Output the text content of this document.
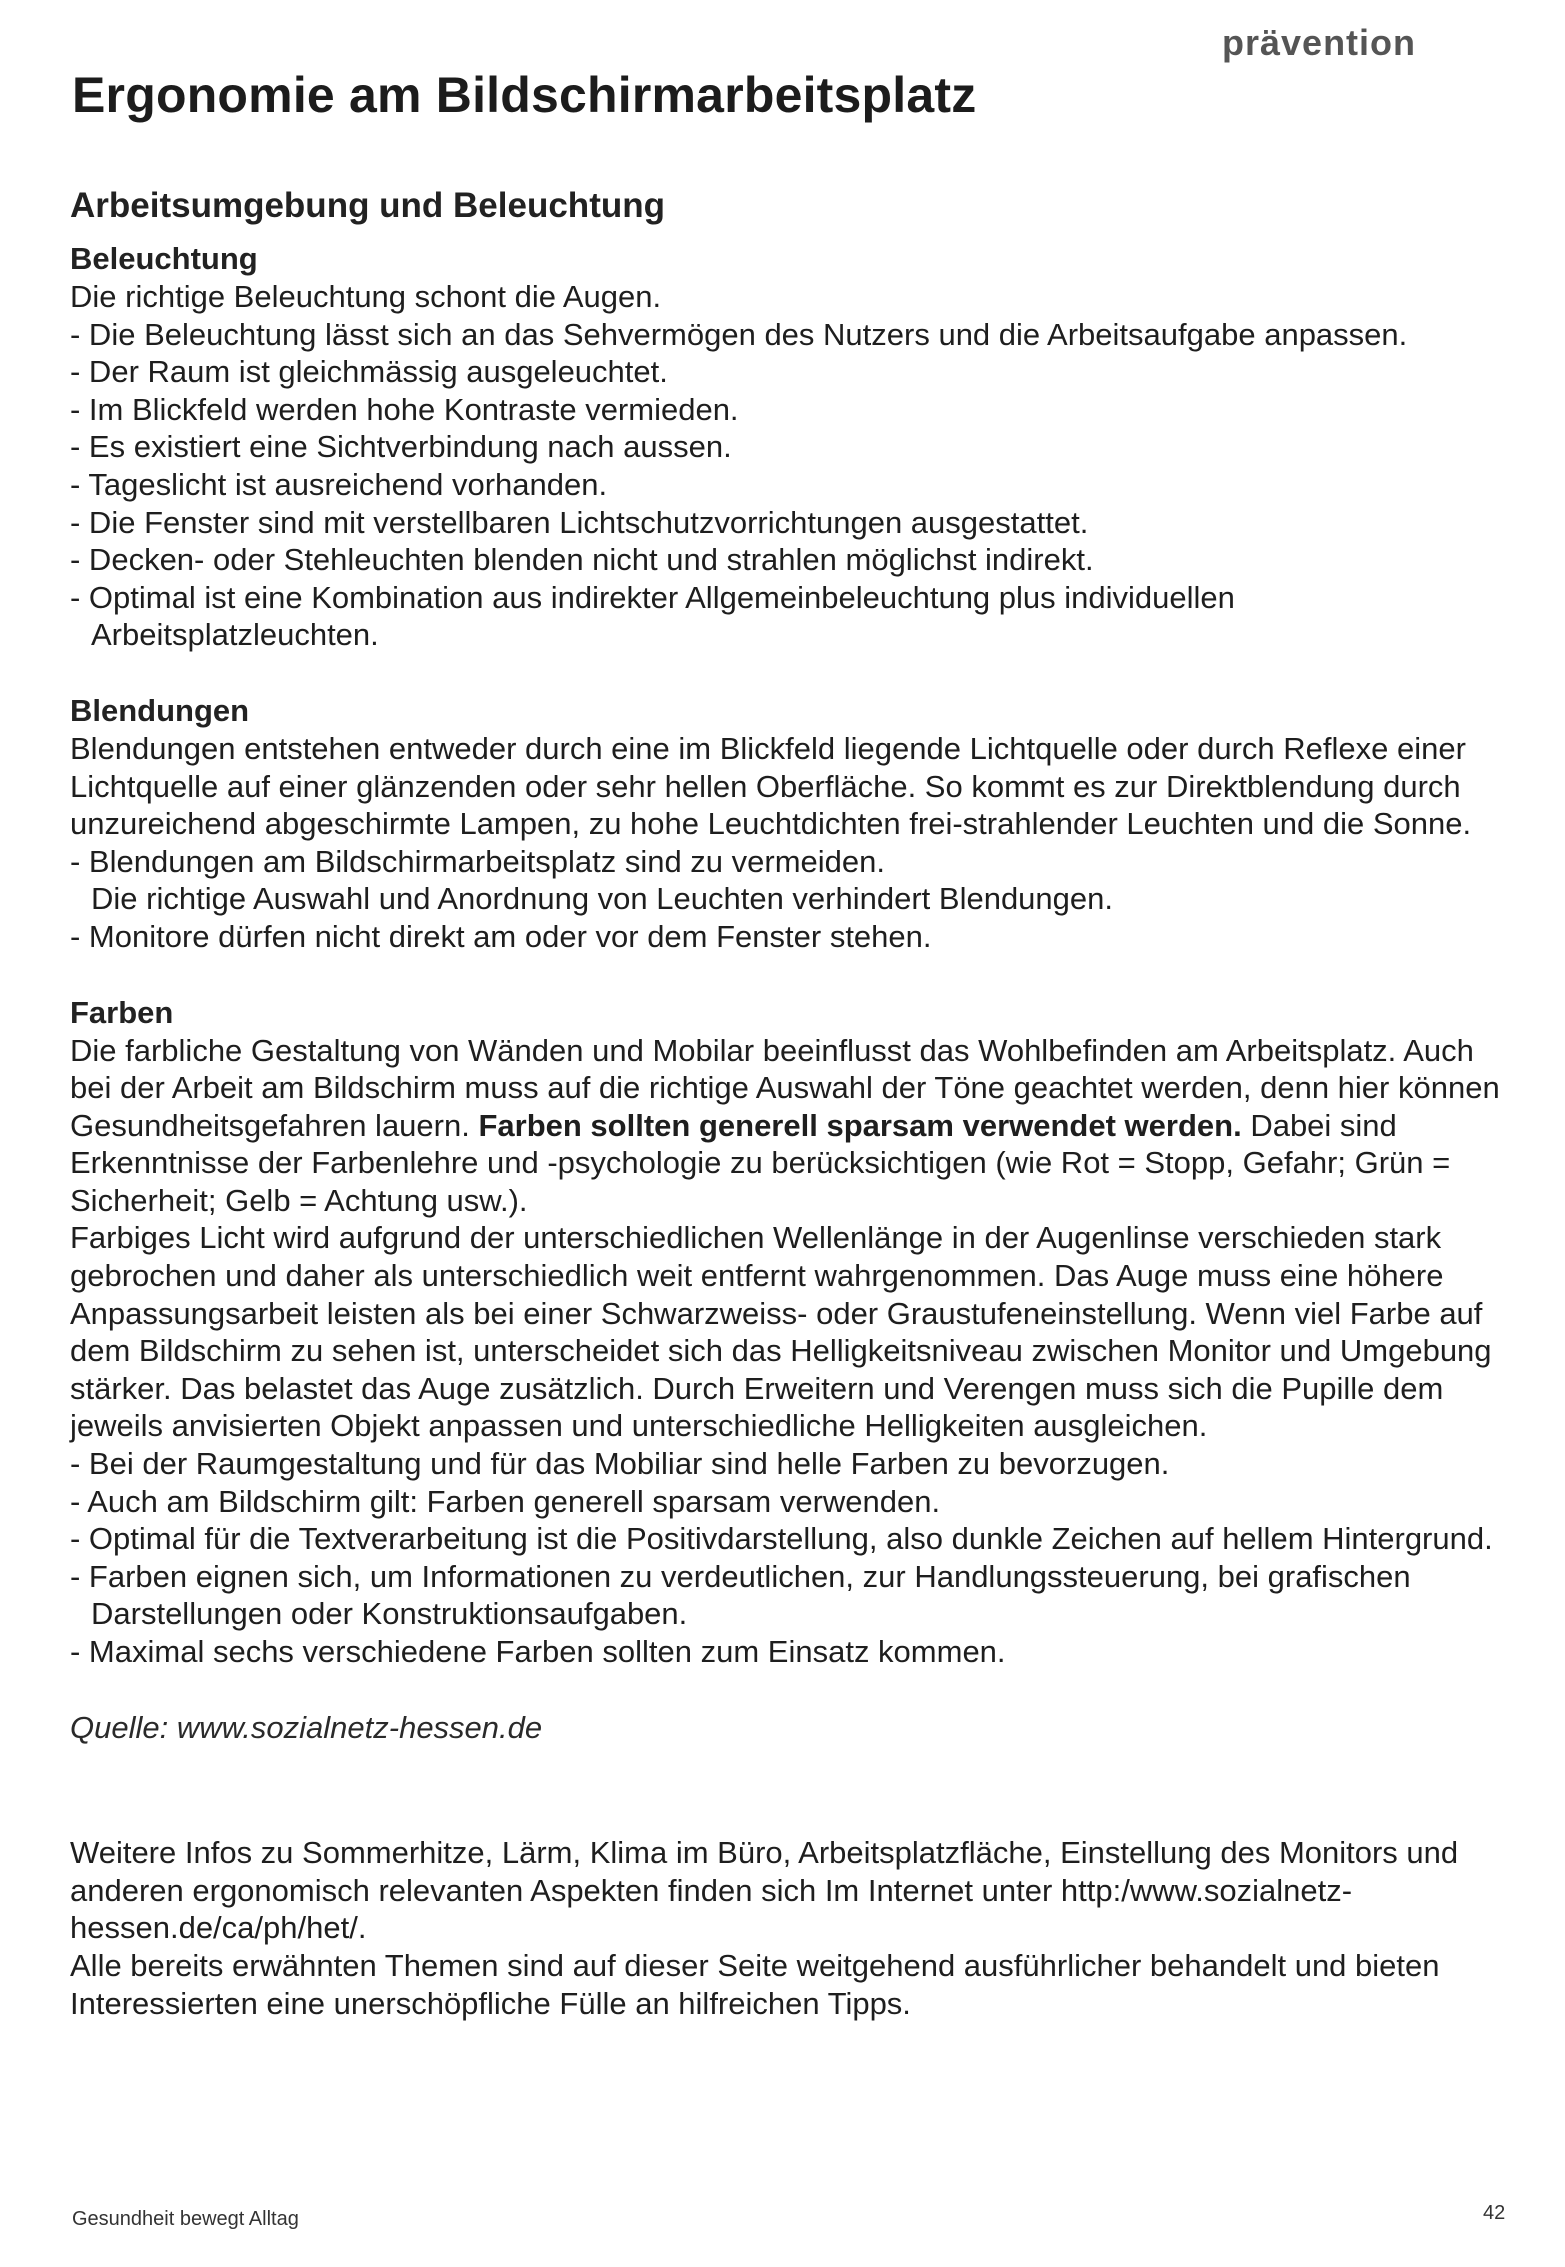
prävention
Ergonomie am Bildschirmarbeitsplatz
Arbeitsumgebung und Beleuchtung
Beleuchtung

Die richtige Beleuchtung schont die Augen.

- Die Beleuchtung lässt sich an das Sehvermögen des Nutzers und die Arbeitsaufgabe anpassen.
- Der Raum ist gleichmässig ausgeleuchtet.
- Im Blickfeld werden hohe Kontraste vermieden.
- Es existiert eine Sichtverbindung nach aussen.
- Tageslicht ist ausreichend vorhanden.
- Die Fenster sind mit verstellbaren Lichtschutzvorrichtungen ausgestattet.
- Decken- oder Stehleuchten blenden nicht und strahlen möglichst indirekt.
- Optimal ist eine Kombination aus indirekter Allgemeinbeleuchtung plus individuellen Arbeitsplatzleuchten.
Blendungen

Blendungen entstehen entweder durch eine im Blickfeld liegende Lichtquelle oder durch Reflexe einer Lichtquelle auf einer glänzenden oder sehr hellen Oberfläche. So kommt es zur Direktblendung durch unzureichend abgeschirmte Lampen, zu hohe Leuchtdichten frei-strahlender Leuchten und die Sonne.

- Blendungen am Bildschirmarbeitsplatz sind zu vermeiden.
Die richtige Auswahl und Anordnung von Leuchten verhindert Blendungen.
- Monitore dürfen nicht direkt am oder vor dem Fenster stehen.
Farben

Die farbliche Gestaltung von Wänden und Mobilar beeinflusst das Wohlbefinden am Arbeitsplatz. Auch bei der Arbeit am Bildschirm muss auf die richtige Auswahl der Töne geachtet werden, denn hier können Gesundheitsgefahren lauern. Farben sollten generell sparsam verwendet werden. Dabei sind Erkenntnisse der Farbenlehre und -psychologie zu berücksichtigen (wie Rot = Stopp, Gefahr; Grün = Sicherheit; Gelb = Achtung usw.).

Farbiges Licht wird aufgrund der unterschiedlichen Wellenlänge in der Augenlinse verschieden stark gebrochen und daher als unterschiedlich weit entfernt wahrgenommen. Das Auge muss eine höhere Anpassungsarbeit leisten als bei einer Schwarzweiss- oder Graustufeneinstellung. Wenn viel Farbe auf dem Bildschirm zu sehen ist, unterscheidet sich das Helligkeitsniveau zwischen Monitor und Umgebung stärker. Das belastet das Auge zusätzlich. Durch Erweitern und Verengen muss sich die Pupille dem jeweils anvisierten Objekt anpassen und unterschiedliche Helligkeiten ausgleichen.

- Bei der Raumgestaltung und für das Mobiliar sind helle Farben zu bevorzugen.
- Auch am Bildschirm gilt: Farben generell sparsam verwenden.
- Optimal für die Textverarbeitung ist die Positivdarstellung, also dunkle Zeichen auf hellem Hintergrund.
- Farben eignen sich, um Informationen zu verdeutlichen, zur Handlungssteuerung, bei grafischen Darstellungen oder Konstruktionsaufgaben.
- Maximal sechs verschiedene Farben sollten zum Einsatz kommen.

Quelle: www.sozialnetz-hessen.de

Weitere Infos zu Sommerhitze, Lärm, Klima im Büro, Arbeitsplatzfläche, Einstellung des Monitors und anderen ergonomisch relevanten Aspekten finden sich Im Internet unter http:/www.sozialnetz-hessen.de/ca/ph/het/.
Alle bereits erwähnten Themen sind auf dieser Seite weitgehend ausführlicher behandelt und bieten Interessierten eine unerschöpfliche Fülle an hilfreichen Tipps.

Gesundheit bewegt Alltag	42
